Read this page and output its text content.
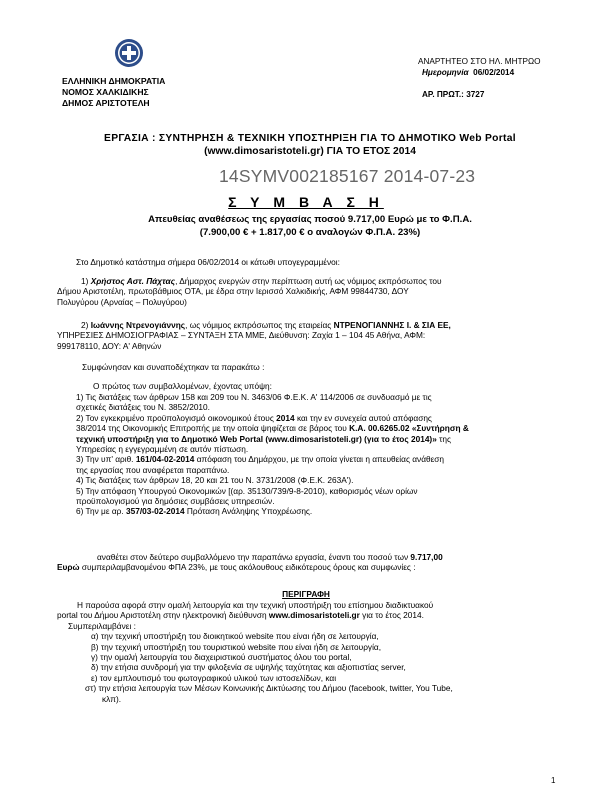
ΕΛΛΗΝΙΚΗ ΔΗΜΟΚΡΑΤΙΑ
ΝΟΜΟΣ ΧΑΛΚΙΔΙΚΗΣ
ΔΗΜΟΣ ΑΡΙΣΤΟΤΕΛΗ
ΑΝΑΡΤΗΤΕΟ ΣΤΟ ΗΛ. ΜΗΤΡΩΟ
Ημερομηνία 06/02/2014
ΑΡ. ΠΡΩΤ.: 3727
ΕΡΓΑΣΙΑ : ΣΥΝΤΗΡΗΣΗ & ΤΕΧΝΙΚΗ ΥΠΟΣΤΗΡΙΞΗ ΓΙΑ ΤΟ ΔΗΜΟΤΙΚΟ Web Portal
(www.dimosaristoteli.gr) ΓΙΑ ΤΟ ΕΤΟΣ 2014
14SYMV002185167 2014-07-23
Σ Υ Μ Β Α Σ Η
Απευθείας αναθέσεως της εργασίας ποσού 9.717,00 Ευρώ με το Φ.Π.Α.
(7.900,00 € + 1.817,00 € ο αναλογών Φ.Π.Α. 23%)
Στο Δημοτικό κατάστημα σήμερα 06/02/2014 οι κάτωθι υπογεγραμμένοι:
1) Χρήστος Αστ. Πάχτας, Δήμαρχος ενεργών στην περίπτωση αυτή ως νόμιμος εκπρόσωπος του
Δήμου Αριστοτέλη, πρωτοβάθμιος ΟΤΑ, με έδρα στην Ιερισσό Χαλκιδικής, ΑΦΜ 99844730, ΔΟΥ
Πολυγύρου (Αρναίας – Πολυγύρου)
2) Ιωάννης Ντρενογιάννης, ως νόμιμος εκπρόσωπος της εταιρείας ΝΤΡΕΝΟΓΙΑΝΝΗΣ Ι. & ΣΙΑ ΕΕ,
ΥΠΗΡΕΣΙΕΣ ΔΗΜΟΣΙΟΓΡΑΦΙΑΣ – ΣΥΝΤΑΞΗ ΣΤΑ ΜΜΕ, Διεύθυνση: Ζαχία 1 – 104 45 Αθήνα, ΑΦΜ:
999178110, ΔΟΥ: Α' Αθηνών
Συμφώνησαν και συναποδέχτηκαν τα παρακάτω :
Ο πρώτος των συμβαλλομένων, έχοντας υπόψη:
1) Τις διατάξεις των άρθρων 158 και 209 του Ν. 3463/06 Φ.Ε.Κ. Α' 114/2006 σε συνδυασμό με τις
σχετικές διατάξεις του Ν. 3852/2010.
2) Τον εγκεκριμένο προϋπολογισμό οικονομικού έτους 2014 και την εν συνεχεία αυτού απόφασης
38/2014 της Οικονομικής Επιτροπής με την οποία ψηφίζεται σε βάρος του Κ.Α. 00.6265.02 «Συντήρηση &
τεχνική υποστήριξη για το Δημοτικό Web Portal (www.dimosaristoteli.gr) (για το έτος 2014)» της
Υπηρεσίας η εγγεγραμμένη σε αυτόν πίστωση.
3) Την υπ' αριθ. 161/04-02-2014 απόφαση του Δημάρχου, με την οποία γίνεται η απευθείας ανάθεση
της εργασίας που αναφέρεται παραπάνω.
4) Τις διατάξεις των άρθρων 18, 20 και 21 του Ν. 3731/2008 (Φ.Ε.Κ. 263Α').
5) Την απόφαση Υπουργού Οικονομικών [(αρ. 35130/739/9-8-2010), καθορισμός νέων ορίων
προϋπολογισμού για δημόσιες συμβάσεις υπηρεσιών.
6) Την με αρ. 357/03-02-2014 Πρόταση Ανάληψης Υποχρέωσης.
αναθέτει στον δεύτερο συμβαλλόμενο την παραπάνω εργασία, έναντι του ποσού των 9.717,00
Ευρώ συμπεριλαμβανομένου ΦΠΑ 23%, με τους ακόλουθους ειδικότερους όρους και συμφωνίες :
ΠΕΡΙΓΡΑΦΗ
Η παρούσα αφορά στην ομαλή λειτουργία και την τεχνική υποστήριξη του επίσημου διαδικτυακού
portal του Δήμου Αριστοτέλη στην ηλεκτρονική διεύθυνση www.dimosaristoteli.gr για το έτος 2014.
Συμπεριλαμβάνει :
α) την τεχνική υποστήριξη του διοικητικού website που είναι ήδη σε λειτουργία,
β) την τεχνική υποστήριξη του τουριστικού website που είναι ήδη σε λειτουργία,
γ) την ομαλή λειτουργία του διαχειριστικού συστήματος όλου του portal,
δ) την ετήσια συνδρομή για την φιλοξενία σε υψηλής ταχύτητας και αξιοπιστίας server,
ε) τον εμπλουτισμό του φωτογραφικού υλικού των ιστοσελίδων, και
στ) την ετήσια λειτουργία των Μέσων Κοινωνικής Δικτύωσης του Δήμου (facebook, twitter, You Tube,
κλπ).
1
